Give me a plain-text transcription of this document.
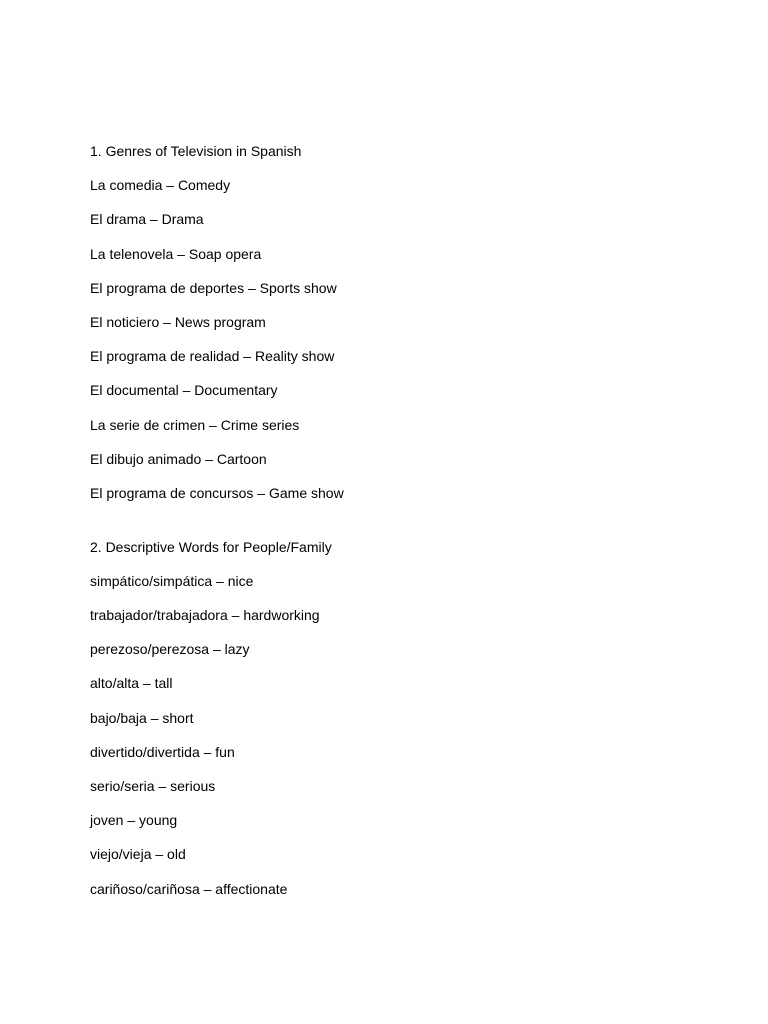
1. Genres of Television in Spanish
La comedia – Comedy
El drama – Drama
La telenovela – Soap opera
El programa de deportes – Sports show
El noticiero – News program
El programa de realidad – Reality show
El documental – Documentary
La serie de crimen – Crime series
El dibujo animado – Cartoon
El programa de concursos – Game show
2. Descriptive Words for People/Family
simpático/simpática – nice
trabajador/trabajadora – hardworking
perezoso/perezosa – lazy
alto/alta – tall
bajo/baja – short
divertido/divertida – fun
serio/seria – serious
joven – young
viejo/vieja – old
cariñoso/cariñosa – affectionate
